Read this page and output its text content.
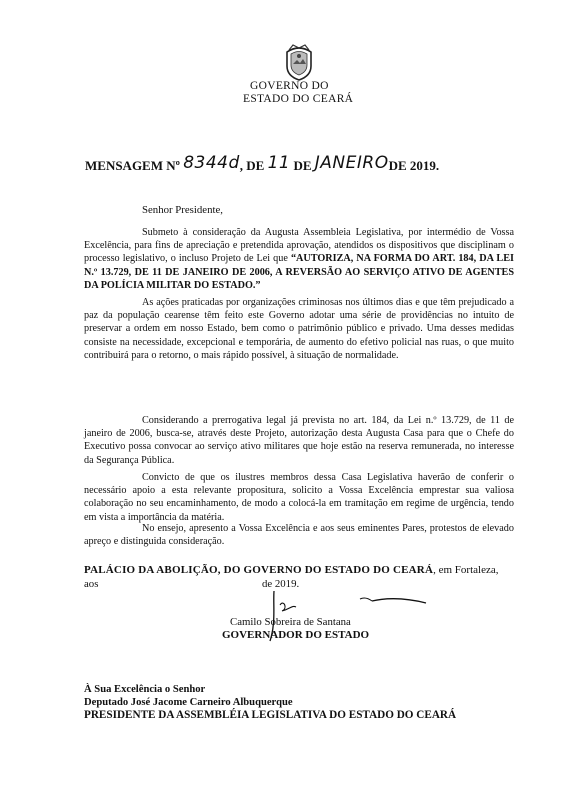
GOVERNO DO
ESTADO DO CEARÁ
MENSAGEM Nº 8344d, DE 11 DE JANEIRODE 2019.
Senhor Presidente,
Submeto à consideração da Augusta Assembleia Legislativa, por intermédio de Vossa Excelência, para fins de apreciação e pretendida aprovação, atendidos os dispositivos que disciplinam o processo legislativo, o incluso Projeto de Lei que “AUTORIZA, NA FORMA DO ART. 184, DA LEI N.º 13.729, DE 11 DE JANEIRO DE 2006, A REVERSÃO AO SERVIÇO ATIVO DE AGENTES DA POLÍCIA MILITAR DO ESTADO.”
As ações praticadas por organizações criminosas nos últimos dias e que têm prejudicado a paz da população cearense têm feito este Governo adotar uma série de providências no intuito de preservar a ordem em nosso Estado, bem como o patrimônio público e privado. Uma desses medidas consiste na necessidade, excepcional e temporária, de aumento do efetivo policial nas ruas, o que muito contribuirá para o retorno, o mais rápido possível, à situação de normalidade.
Considerando a prerrogativa legal já prevista no art. 184, da Lei n.º 13.729, de 11 de janeiro de 2006, busca-se, através deste Projeto, autorização desta Augusta Casa para que o Chefe do Executivo possa convocar ao serviço ativo militares que hoje estão na reserva remunerada, no interesse da Segurança Pública.
Convicto de que os ilustres membros dessa Casa Legislativa haverão de conferir o necessário apoio a esta relevante propositura, solicito a Vossa Excelência emprestar sua valiosa colaboração no seu encaminhamento, de modo a colocá-la em tramitação em regime de urgência, tendo em vista a importância da matéria.
No ensejo, apresento a Vossa Excelência e aos seus eminentes Pares, protestos de elevado apreço e distinguida consideração.
PALÁCIO DA ABOLIÇÃO, DO GOVERNO DO ESTADO DO CEARÁ, em Fortaleza,
aos	de 2019.
Camilo Sobreira de Santana
GOVERNADOR DO ESTADO
À Sua Excelência o Senhor
Deputado José Jacome Carneiro Albuquerque
PRESIDENTE DA ASSEMBLÉIA LEGISLATIVA DO ESTADO DO CEARÁ
